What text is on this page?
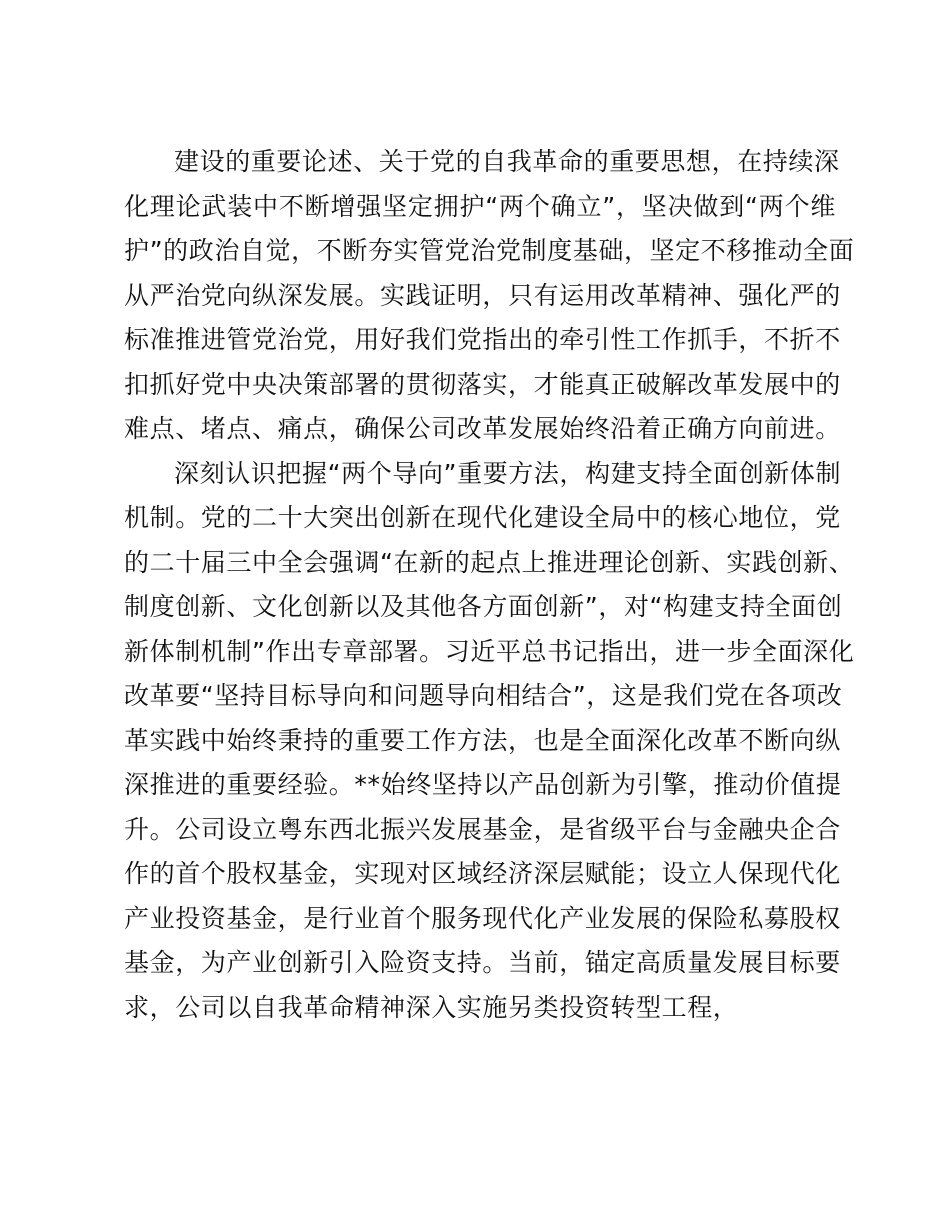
建设的重要论述、关于党的自我革命的重要思想，在持续深
化理论武装中不断增强坚定拥护“两个确立”，坚决做到“两个维
护”的政治自觉，不断夯实管党治党制度基础，坚定不移推动全面
从严治党向纵深发展。实践证明，只有运用改革精神、强化严的
标准推进管党治党，用好我们党指出的牵引性工作抓手，不折不
扣抓好党中央决策部署的贯彻落实，才能真正破解改革发展中的
难点、堵点、痛点，确保公司改革发展始终沿着正确方向前进。
深刻认识把握“两个导向”重要方法，构建支持全面创新体制
机制。党的二十大突出创新在现代化建设全局中的核心地位，党
的二十届三中全会强调“在新的起点上推进理论创新、实践创新、
制度创新、文化创新以及其他各方面创新”，对“构建支持全面创
新体制机制”作出专章部署。习近平总书记指出，进一步全面深化
改革要“坚持目标导向和问题导向相结合”，这是我们党在各项改
革实践中始终秉持的重要工作方法，也是全面深化改革不断向纵
深推进的重要经验。**始终坚持以产品创新为引擎，推动价值提
升。公司设立粤东西北振兴发展基金，是省级平台与金融央企合
作的首个股权基金，实现对区域经济深层赋能；设立人保现代化
产业投资基金，是行业首个服务现代化产业发展的保险私募股权
基金，为产业创新引入险资支持。当前，锚定高质量发展目标要
求，公司以自我革命精神深入实施另类投资转型工程，
